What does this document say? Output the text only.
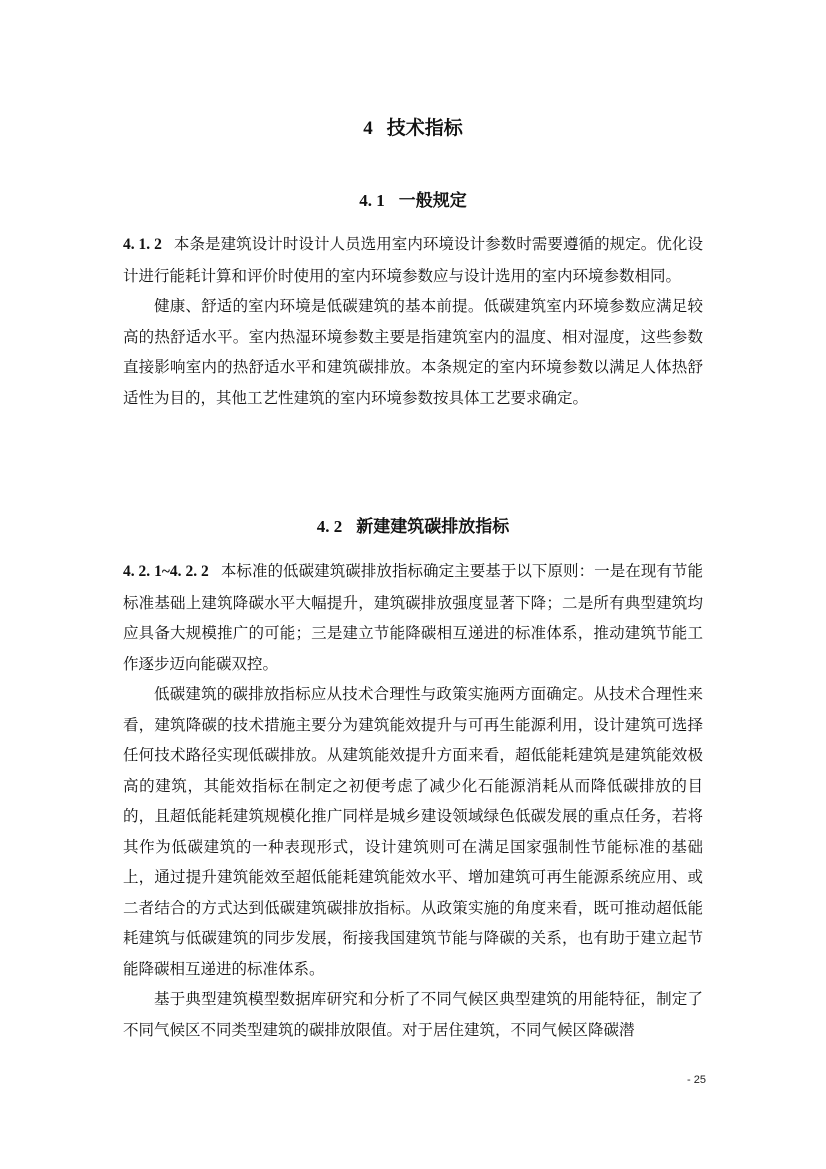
4 技术指标
4. 1 一般规定

4. 1. 2 本条是建筑设计时设计人员选用室内环境设计参数时需要遵循的规定。优化设计进行能耗计算和评价时使用的室内环境参数应与设计选用的室内环境参数相同。

健康、舒适的室内环境是低碳建筑的基本前提。低碳建筑室内环境参数应满足较高的热舒适水平。室内热湿环境参数主要是指建筑室内的温度、相对湿度，这些参数直接影响室内的热舒适水平和建筑碳排放。本条规定的室内环境参数以满足人体热舒适性为目的，其他工艺性建筑的室内环境参数按具体工艺要求确定。

4. 2 新建建筑碳排放指标

4. 2. 1~4. 2. 2 本标准的低碳建筑碳排放指标确定主要基于以下原则：一是在现有节能标准基础上建筑降碳水平大幅提升，建筑碳排放强度显著下降；二是所有典型建筑均应具备大规模推广的可能；三是建立节能降碳相互递进的标准体系，推动建筑节能工作逐步迈向能碳双控。

低碳建筑的碳排放指标应从技术合理性与政策实施两方面确定。从技术合理性来看，建筑降碳的技术措施主要分为建筑能效提升与可再生能源利用，设计建筑可选择任何技术路径实现低碳排放。从建筑能效提升方面来看，超低能耗建筑是建筑能效极高的建筑，其能效指标在制定之初便考虑了减少化石能源消耗从而降低碳排放的目的，且超低能耗建筑规模化推广同样是城乡建设领域绿色低碳发展的重点任务，若将其作为低碳建筑的一种表现形式，设计建筑则可在满足国家强制性节能标准的基础上，通过提升建筑能效至超低能耗建筑能效水平、增加建筑可再生能源系统应用、或二者结合的方式达到低碳建筑碳排放指标。从政策实施的角度来看，既可推动超低能耗建筑与低碳建筑的同步发展，衔接我国建筑节能与降碳的关系，也有助于建立起节能降碳相互递进的标准体系。

基于典型建筑模型数据库研究和分析了不同气候区典型建筑的用能特征，制定了不同气候区不同类型建筑的碳排放限值。对于居住建筑，不同气候区降碳潜

- 25
